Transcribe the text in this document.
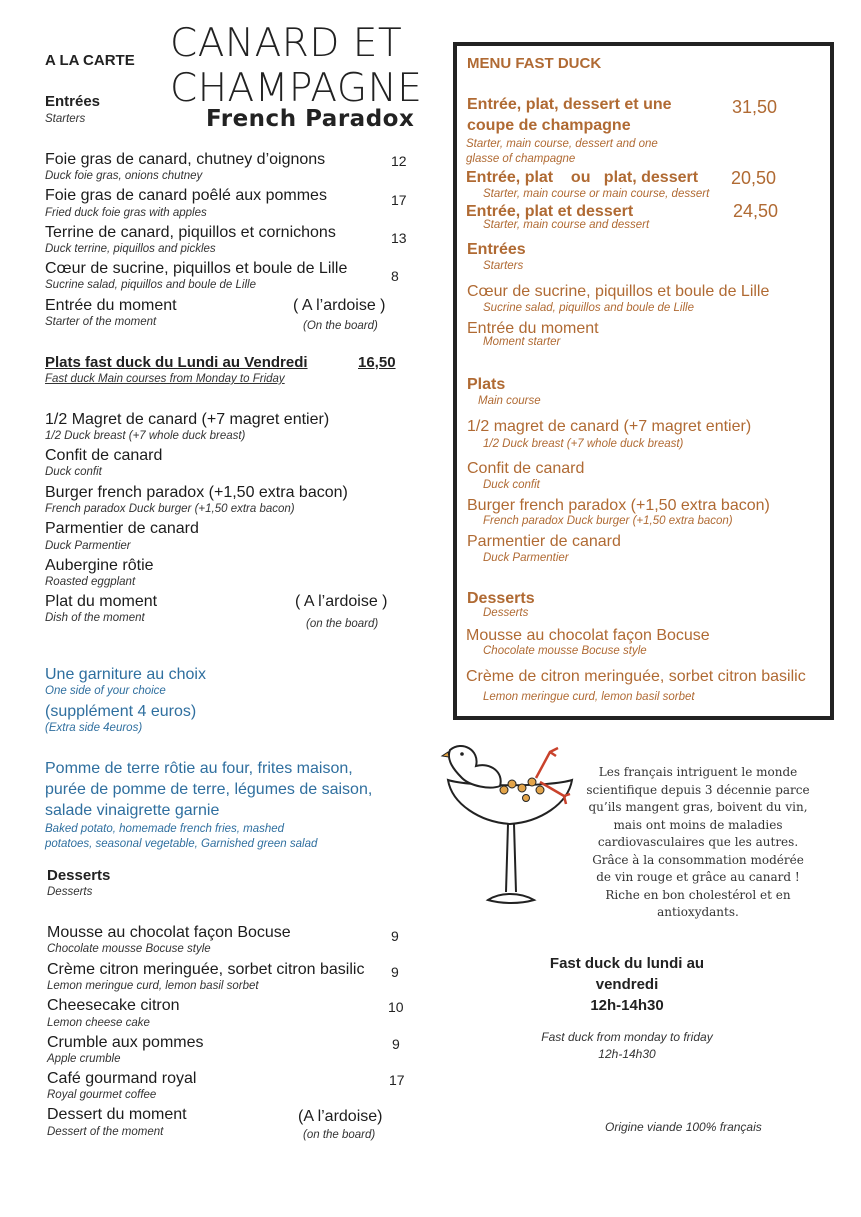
A LA CARTE CANARD ET
CHAMPAGNE
French Paradox
Entrées
Starters
Foie gras de canard, chutney d’oignons
Duck foie gras, onions chutney
12
Foie gras de canard poêlé aux pommes
Fried duck foie gras with apples
17
Terrine de canard, piquillos et cornichons
Duck terrine, piquillos and pickles
13
Cœur de sucrine, piquillos et boule de Lille
Sucrine salad, piquillos and boule de Lille
8
Entrée du moment
Starter of the moment
( A l’ardoise )
(On the board)
Plats fast duck du Lundi au Vendredi
Fast duck Main courses from Monday to Friday
16,50
1/2 Magret de canard (+7 magret entier)
1/2 Duck breast (+7 whole duck breast)
Confit de canard
Duck confit
Burger french paradox (+1,50 extra bacon)
French paradox Duck burger (+1,50 extra bacon)
Parmentier de canard
Duck Parmentier
Aubergine rôtie
Roasted eggplant
Plat du moment
Dish of the moment
( A l’ardoise )
(on the board)
Une garniture au choix
One side of your choice
(supplément 4 euros)
(Extra side 4euros)
Pomme de terre rôtie au four, frites maison,
purée de pomme de terre, légumes de saison,
salade vinaigrette garnie
Baked potato, homemade french fries, mashed
potatoes, seasonal vegetable, Garnished green salad
Desserts
Desserts
Mousse au chocolat façon Bocuse
Chocolate mousse Bocuse style
9
Crème citron meringuée, sorbet citron basilic
Lemon meringue curd, lemon basil sorbet
9
Cheesecake citron
Lemon cheese cake
10
Crumble aux pommes
Apple crumble
9
Café gourmand royal
Royal gourmet coffee
17
Dessert du moment
Dessert of the moment
(A l’ardoise)
(on the board)
MENU FAST DUCK
Entrée, plat, dessert et une
coupe de champagne
Starter, main course, dessert and one
glasse of champagne
31,50
Entrée, plat    ou   plat, dessert
Starter, main course or main course, dessert
20,50
Entrée, plat et dessert
Starter, main course and dessert
24,50
Entrées
Starters
Cœur de sucrine, piquillos et boule de Lille
Sucrine salad, piquillos and boule de Lille
Entrée du moment
Moment starter
Plats
Main course
1/2 magret de canard (+7 magret entier)
1/2 Duck breast (+7 whole duck breast)
Confit de canard
Duck confit
Burger french paradox (+1,50 extra bacon)
French paradox Duck burger (+1,50 extra bacon)
Parmentier de canard
Duck Parmentier
Desserts
Desserts
Mousse au chocolat façon Bocuse
Chocolate mousse Bocuse style
Crème de citron meringuée, sorbet citron basilic
Lemon meringue curd, lemon basil sorbet
Les français intriguent le monde
scientifique depuis 3 décennie parce
qu’ils mangent gras, boivent du vin,
mais ont moins de maladies
cardiovasculaires que les autres.
Grâce à la consommation modérée
de vin rouge et grâce au canard !
Riche en bon cholestérol et en
antioxydants.
Fast duck du lundi au
vendredi
12h-14h30
Fast duck from monday to friday
12h-14h30
Origine viande 100% français
